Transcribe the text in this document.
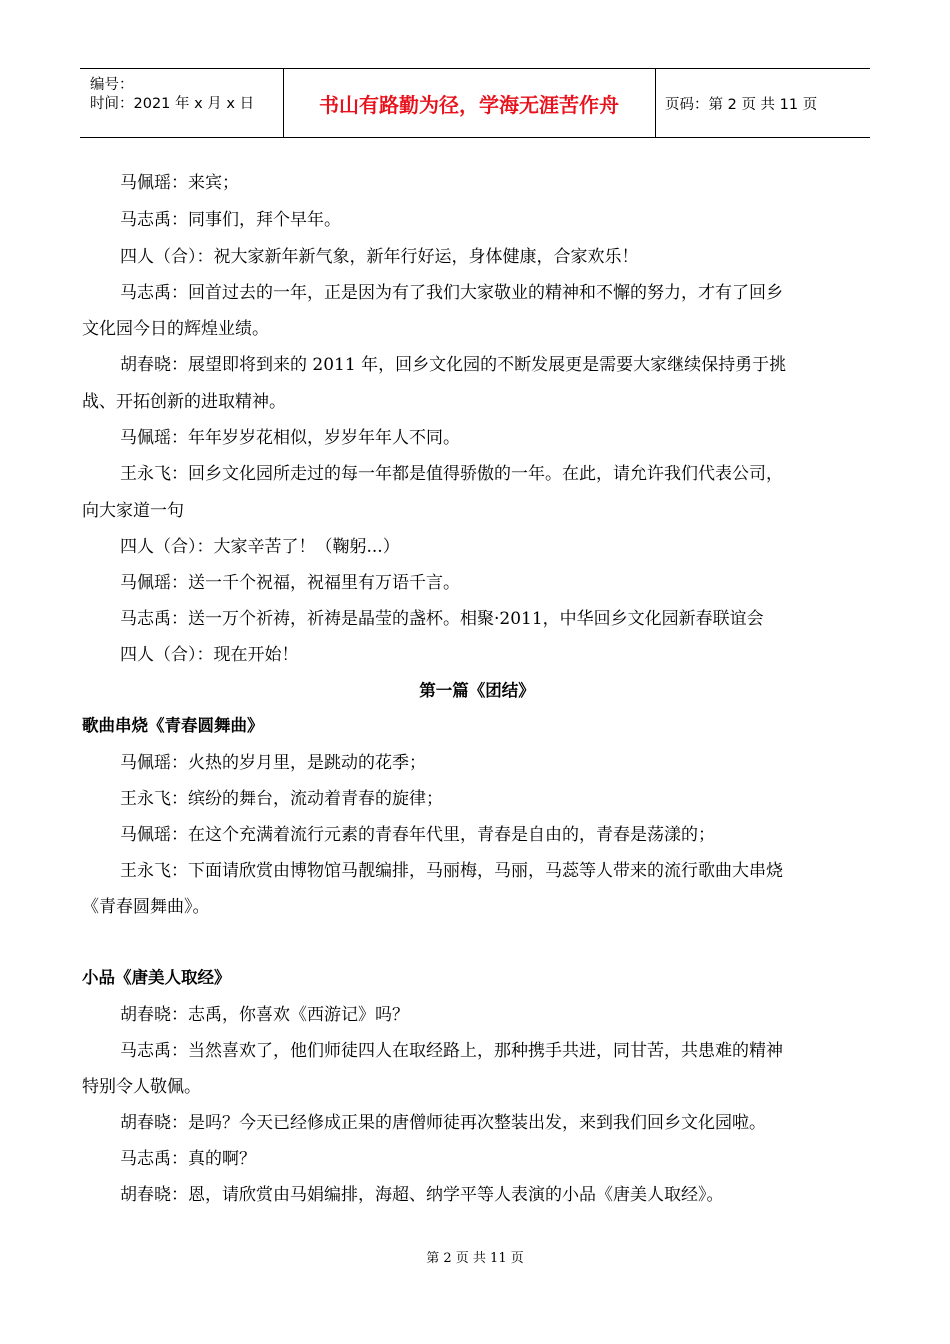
编号：
时间：2021 年 x 月 x 日	书山有路勤为径，学海无涯苦作舟	页码：第 2 页 共 11 页
马佩瑶：来宾；
马志禹：同事们，拜个早年。
四人（合）：祝大家新年新气象，新年行好运，身体健康，合家欢乐！
马志禹：回首过去的一年，正是因为有了我们大家敬业的精神和不懈的努力，才有了回乡
文化园今日的辉煌业绩。
胡春晓：展望即将到来的 2011 年，回乡文化园的不断发展更是需要大家继续保持勇于挑
战、开拓创新的进取精神。
马佩瑶：年年岁岁花相似，岁岁年年人不同。
王永飞：回乡文化园所走过的每一年都是值得骄傲的一年。在此，请允许我们代表公司，
向大家道一句
四人（合）：大家辛苦了！（鞠躬...）
马佩瑶：送一千个祝福，祝福里有万语千言。
马志禹：送一万个祈祷，祈祷是晶莹的盏杯。相聚·2011，中华回乡文化园新春联谊会
四人（合）：现在开始！
第一篇《团结》
歌曲串烧《青春圆舞曲》
马佩瑶：火热的岁月里，是跳动的花季；
王永飞：缤纷的舞台，流动着青春的旋律；
马佩瑶：在这个充满着流行元素的青春年代里，青春是自由的，青春是荡漾的；
王永飞：下面请欣赏由博物馆马靓编排，马丽梅，马丽，马蕊等人带来的流行歌曲大串烧
《青春圆舞曲》。
小品《唐美人取经》
胡春晓：志禹，你喜欢《西游记》吗？
马志禹：当然喜欢了，他们师徒四人在取经路上，那种携手共进，同甘苦，共患难的精神
特别令人敬佩。
胡春晓：是吗？今天已经修成正果的唐僧师徒再次整装出发，来到我们回乡文化园啦。
马志禹：真的啊？
胡春晓：恩，请欣赏由马娟编排，海超、纳学平等人表演的小品《唐美人取经》。
第 2 页 共 11 页
